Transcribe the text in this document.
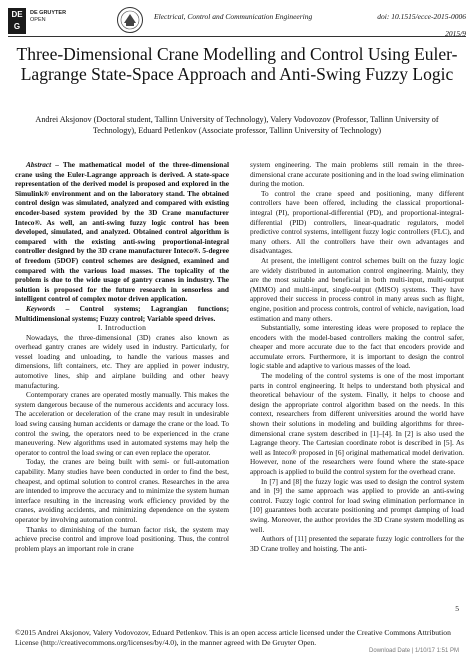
DE G
DE GRUYTER
OPEN	Electrical, Control and Communication Engineering	doi: 10.1515/ecce-2015-0006
2015/9
Three-Dimensional Crane Modelling and Control Using Euler-Lagrange State-Space Approach and Anti-Swing Fuzzy Logic
Andrei Aksjonov (Doctoral student, Tallinn University of Technology), Valery Vodovozov (Professor, Tallinn University of Technology), Eduard Petlenkov (Associate professor, Tallinn University of Technology)

Abstract – The mathematical model of the three-dimensional crane using the Euler-Lagrange approach is derived. A state-space representation of the derived model is proposed and explored in the Simulink® environment and on the laboratory stand. The obtained control design was simulated, analyzed and compared with existing encoder-based system provided by the 3D Crane manufacturer Inteco®. As well, an anti-swing fuzzy logic control has been developed, simulated, and analyzed. Obtained control algorithm is compared with the existing anti-swing proportional-integral controller designed by the 3D crane manufacturer Inteco®. 5-degree of freedom (5DOF) control schemes are designed, examined and compared with the various load masses. The topicality of the problem is due to the wide usage of gantry cranes in industry. The solution is proposed for the future research in sensorless and intelligent control of complex motor driven application.

Keywords – Control systems; Lagrangian functions; Multidimensional systems; Fuzzy control; Variable speed drives.

I. Introduction

Nowadays, the three-dimensional (3D) cranes also known as overhead gantry cranes are widely used in industry. Particularly, for vessel loading and unloading, to handle the various masses and dimensions, lift containers, etc. They are applied in power industry, automotive lines, ship and airplane building and other heavy manufacturing.

Contemporary cranes are operated mostly manually. This makes the system dangerous because of the numerous accidents and accuracy loss. The acceleration or deceleration of the crane may result in undesirable load swing causing human accidents or damage the crane or the load. To control the swing, the operators need to be experienced in the crane maneuvering. New algorithms used in automated systems may help the operator to control the load swing or can even replace the operator.

Today, the cranes are being built with semi- or full-automation capability. Many studies have been conducted in order to find the best, cheapest, and optimal solution to control cranes. Researches in the area are intended to improve the accuracy and to minimize the system human interface resulting in the increasing work efficiency provided by the cranes, avoiding accidents, and minimizing dependence on the system operator by involving automation control.

Thanks to diminishing of the human factor risk, the system may achieve precise control and improve load positioning. Thus, the control problem plays an important role in crane

system engineering. The main problems still remain in the three-dimensional crane accurate positioning and in the load swing elimination during the motion.

To control the crane speed and positioning, many different controllers have been offered, including the classical proportional-integral (PI), proportional-differential (PD), and proportional-integral-differential (PID) controllers, linear-quadratic regulators, model predictive control systems, intelligent fuzzy logic controllers (FLC), and many others. All the controllers have their own advantages and disadvantages.

At present, the intelligent control schemes built on the fuzzy logic are widely distributed in automation control engineering. Mainly, they are the most suitable and beneficial in both multi-input, multi-output (MIMO) and multi-input, single-output (MISO) systems. They have approved their success in process control in many areas such as flight, engine, position and process controls, control of vehicle, navigation, load estimation and many others.

Substantially, some interesting ideas were proposed to replace the encoders with the model-based controllers making the control safer, cheaper and more accurate due to the fact that encoders provide and accumulate errors. Furthermore, it is important to design the control logic stable and adaptive to various masses of the load.

The modeling of the control systems is one of the most important parts in control engineering. It helps to understand both physical and theoretical behaviour of the system. Finally, it helps to choose and design the appropriate control algorithm based on the needs. In this context, researchers from different universities around the world have shown their solutions in modeling and building algorithms for three-dimensional crane system described in [1]–[4]. In [2] is also used the Lagrange theory. The Cartesian coordinate robot is described in [5]. As well as Inteco® proposed in [6] original mathematical model derivation. However, none of the researchers were found where the state-space approach is applied to build the control system for the overhead crane.

In [7] and [8] the fuzzy logic was used to design the control system and in [9] the same approach was applied to provide an anti-swing control. Fuzzy logic control for load swing elimination performance in [10] guarantees both accurate positioning and prompt damping of load swing. Moreover, the author provides the 3D Crane system modelling as well.

Authors of [11] presented the separate fuzzy logic controllers for the 3D Crane trolley and hoisting. The anti-

5
©2015 Andrei Aksjonov, Valery Vodovozov, Eduard Petlenkov. This is an open access article licensed under the Creative Commons Attribution License (http://creativecommons.org/licenses/by/4.0), in the manner agreed with De Gruyter Open.
Download Date | 1/10/17 1:51 PM
